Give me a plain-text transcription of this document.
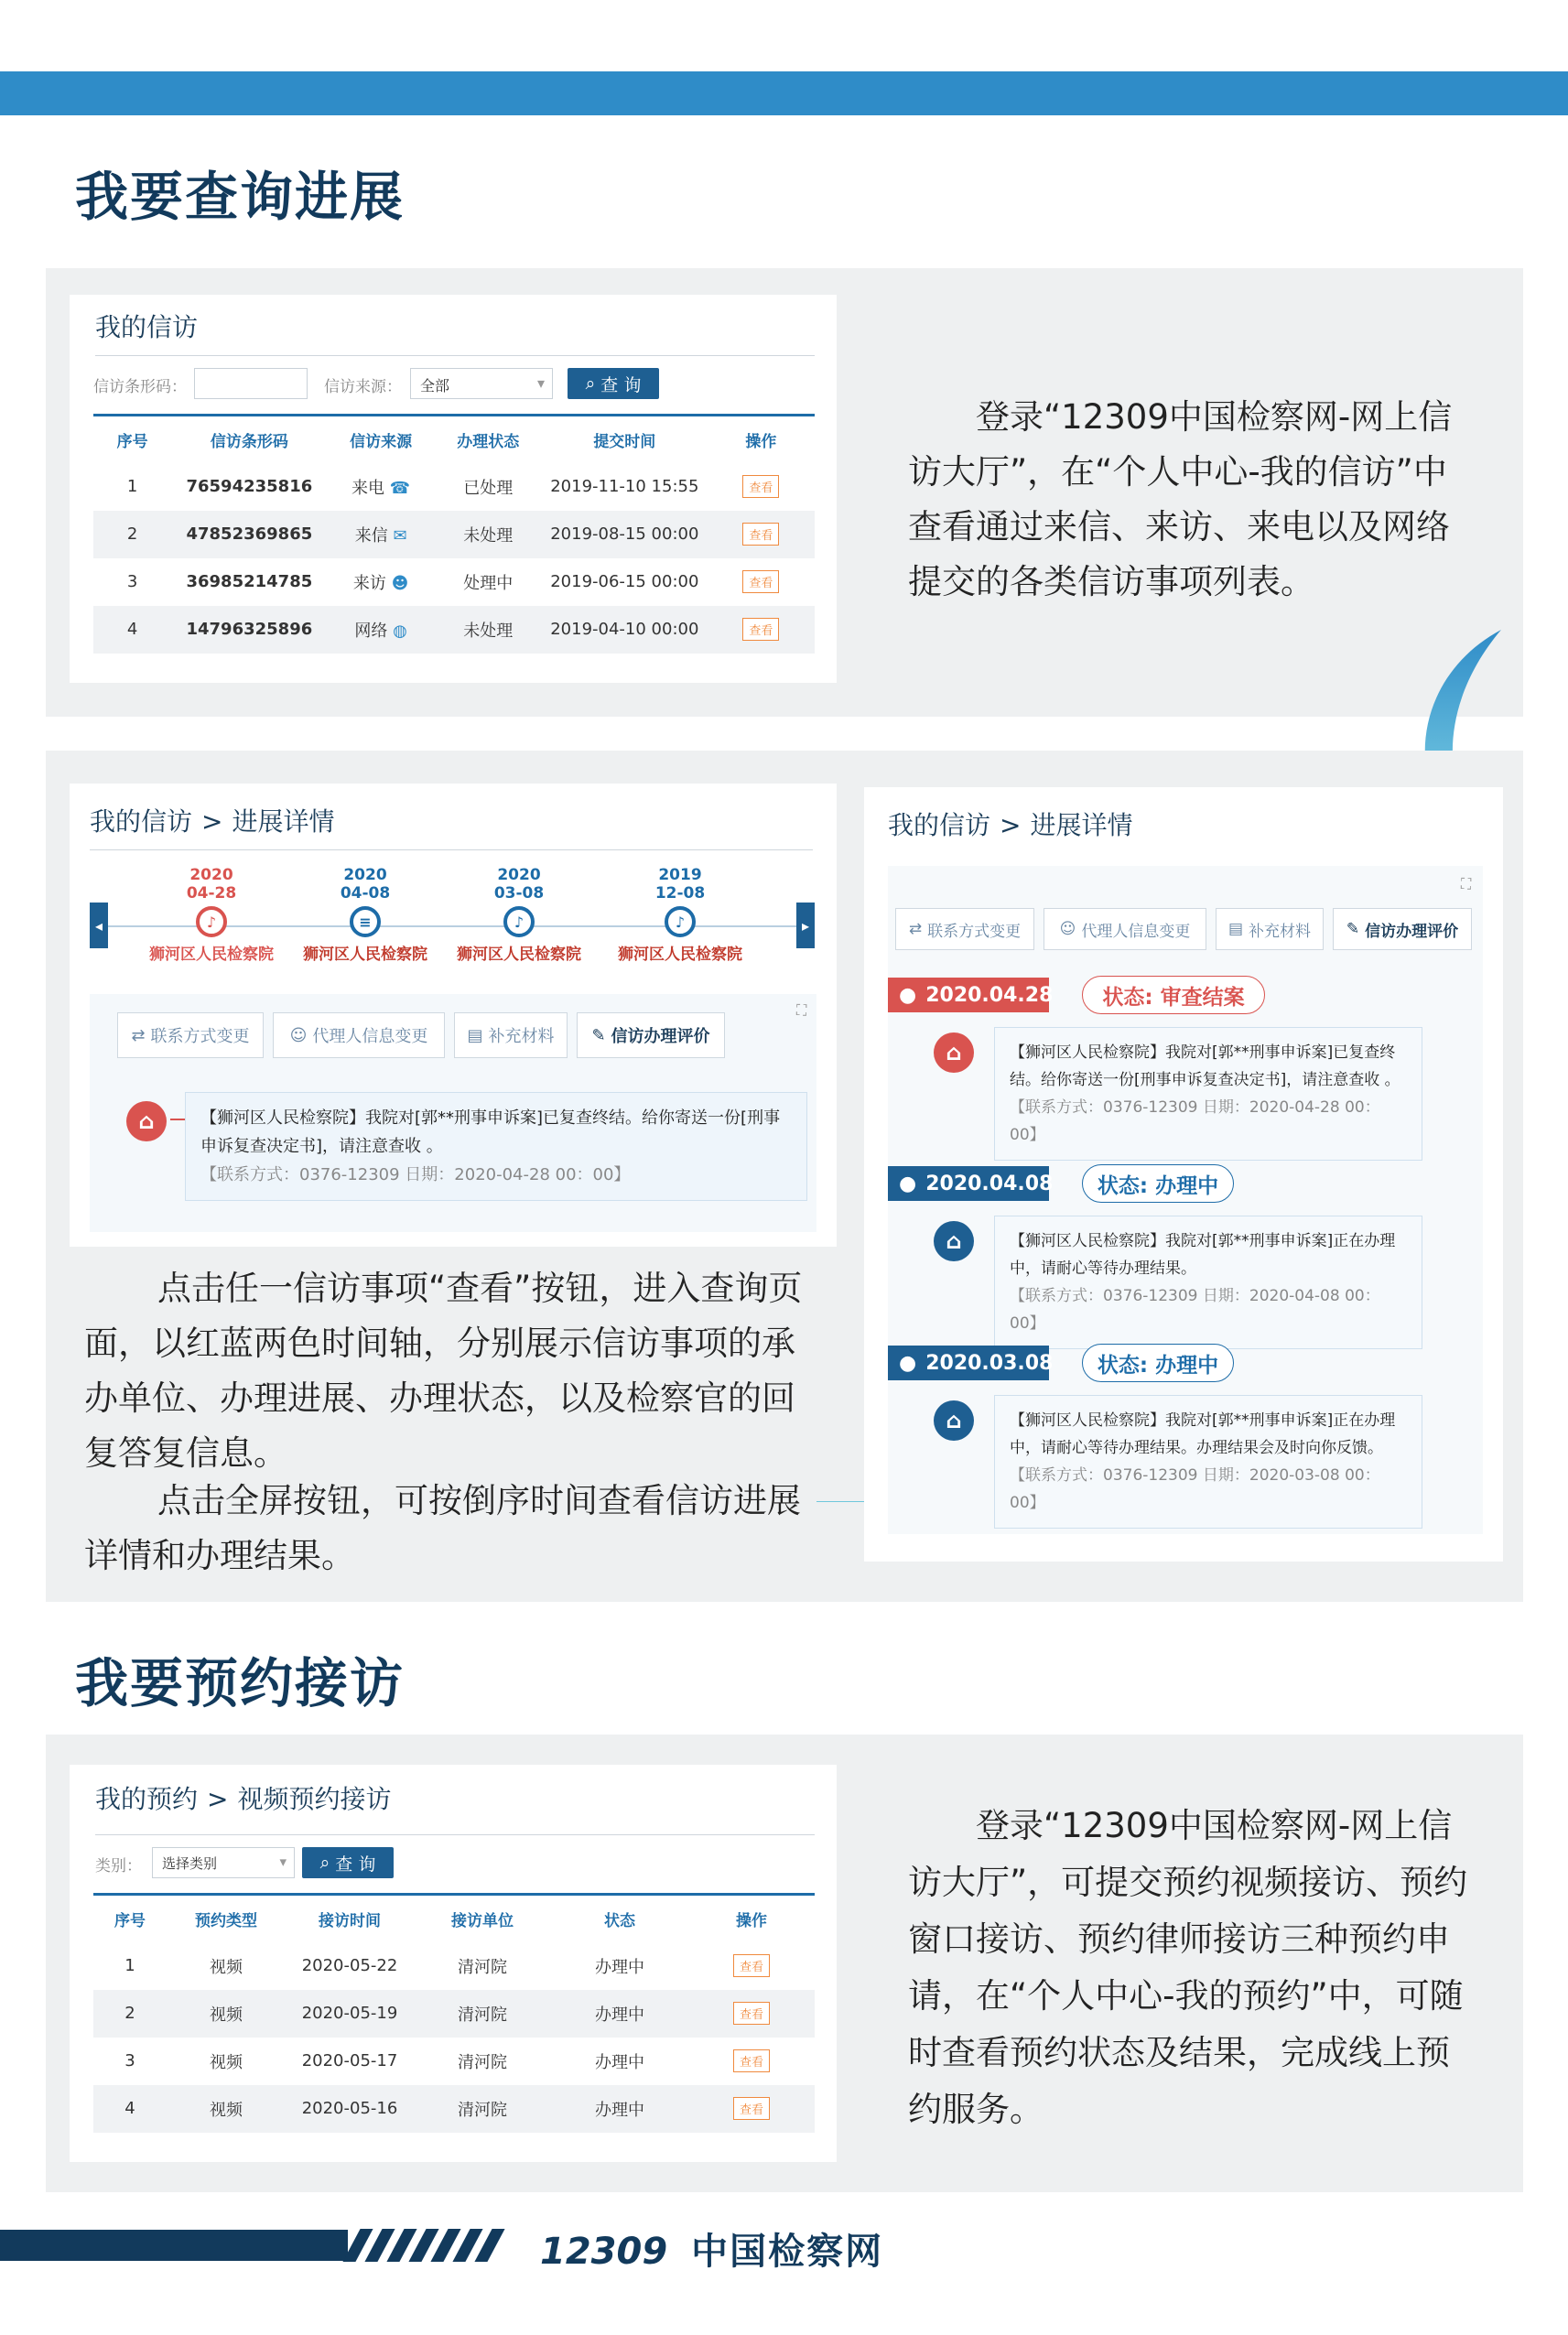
我要查询进展
我的信访
信访条形码：	信访来源：	全部	▾ ⌕ 查 询
序号	信访条形码	信访来源	办理状态	提交时间	操作
1	76594235816	来电 ☎	已处理	2019-11-10 15:55	查看
2	47852369865	来信 ✉	未处理	2019-08-15 00:00	查看
3	36985214785	来访 ☻	处理中	2019-06-15 00:00	查看
4	14796325896	网络 ◍	未处理	2019-04-10 00:00	查看
登录“12309中国检察网-网上信访大厅”，在“个人中心-我的信访”中查看通过来信、来访、来电以及网络提交的各类信访事项列表。
我的信访 > 进展详情
◂	▸
2020
04-28
♪
狮河区人民检察院
2020
04-08
≡
狮河区人民检察院
2020
03-08
♪
狮河区人民检察院
2019
12-08
♪
狮河区人民检察院
⛶
⇄ 联系方式变更 ☺ 代理人信息变更 ▤ 补充材料 ✎ 信访办理评价
⌂	【狮河区人民检察院】我院对[郭**刑事申诉案]已复查终结。给你寄送一份[刑事申诉复查决定书]，请注意查收 。
【联系方式：0376-12309 日期：2020-04-28 00：00】
点击任一信访事项“查看”按钮，进入查询页面，以红蓝两色时间轴，分别展示信访事项的承办单位、办理进展、办理状态，以及检察官的回复答复信息。
点击全屏按钮，可按倒序时间查看信访进展详情和办理结果。
我的信访 > 进展详情
⛶
⇄ 联系方式变更	☺ 代理人信息变更 ▤ 补充材料 ✎ 信访办理评价
● 2020.04.28	状态: 审查结案
⌂	【狮河区人民检察院】我院对[郭**刑事申诉案]已复查终结。给你寄送一份[刑事申诉复查决定书]，请注意查收 。
【联系方式：0376-12309 日期：2020-04-28 00：00】
● 2020.04.08	状态: 办理中
⌂	【狮河区人民检察院】我院对[郭**刑事申诉案]正在办理中，请耐心等待办理结果。
【联系方式：0376-12309 日期：2020-04-08 00：00】
● 2020.03.08	状态: 办理中
⌂	【狮河区人民检察院】我院对[郭**刑事申诉案]正在办理中，请耐心等待办理结果。办理结果会及时向你反馈。
【联系方式：0376-12309 日期：2020-03-08 00：00】
我要预约接访
我的预约 > 视频预约接访
类别：	选择类别	▾ ⌕ 查 询
序号	预约类型	接访时间	接访单位	状态	操作
1	视频	2020-05-22	清河院	办理中	查看
2	视频	2020-05-19	清河院	办理中	查看
3	视频	2020-05-17	清河院	办理中	查看
4	视频	2020-05-16	清河院	办理中	查看
登录“12309中国检察网-网上信访大厅”，可提交预约视频接访、预约窗口接访、预约律师接访三种预约申请，在“个人中心-我的预约”中，可随时查看预约状态及结果，完成线上预约服务。
12309 中国检察网
